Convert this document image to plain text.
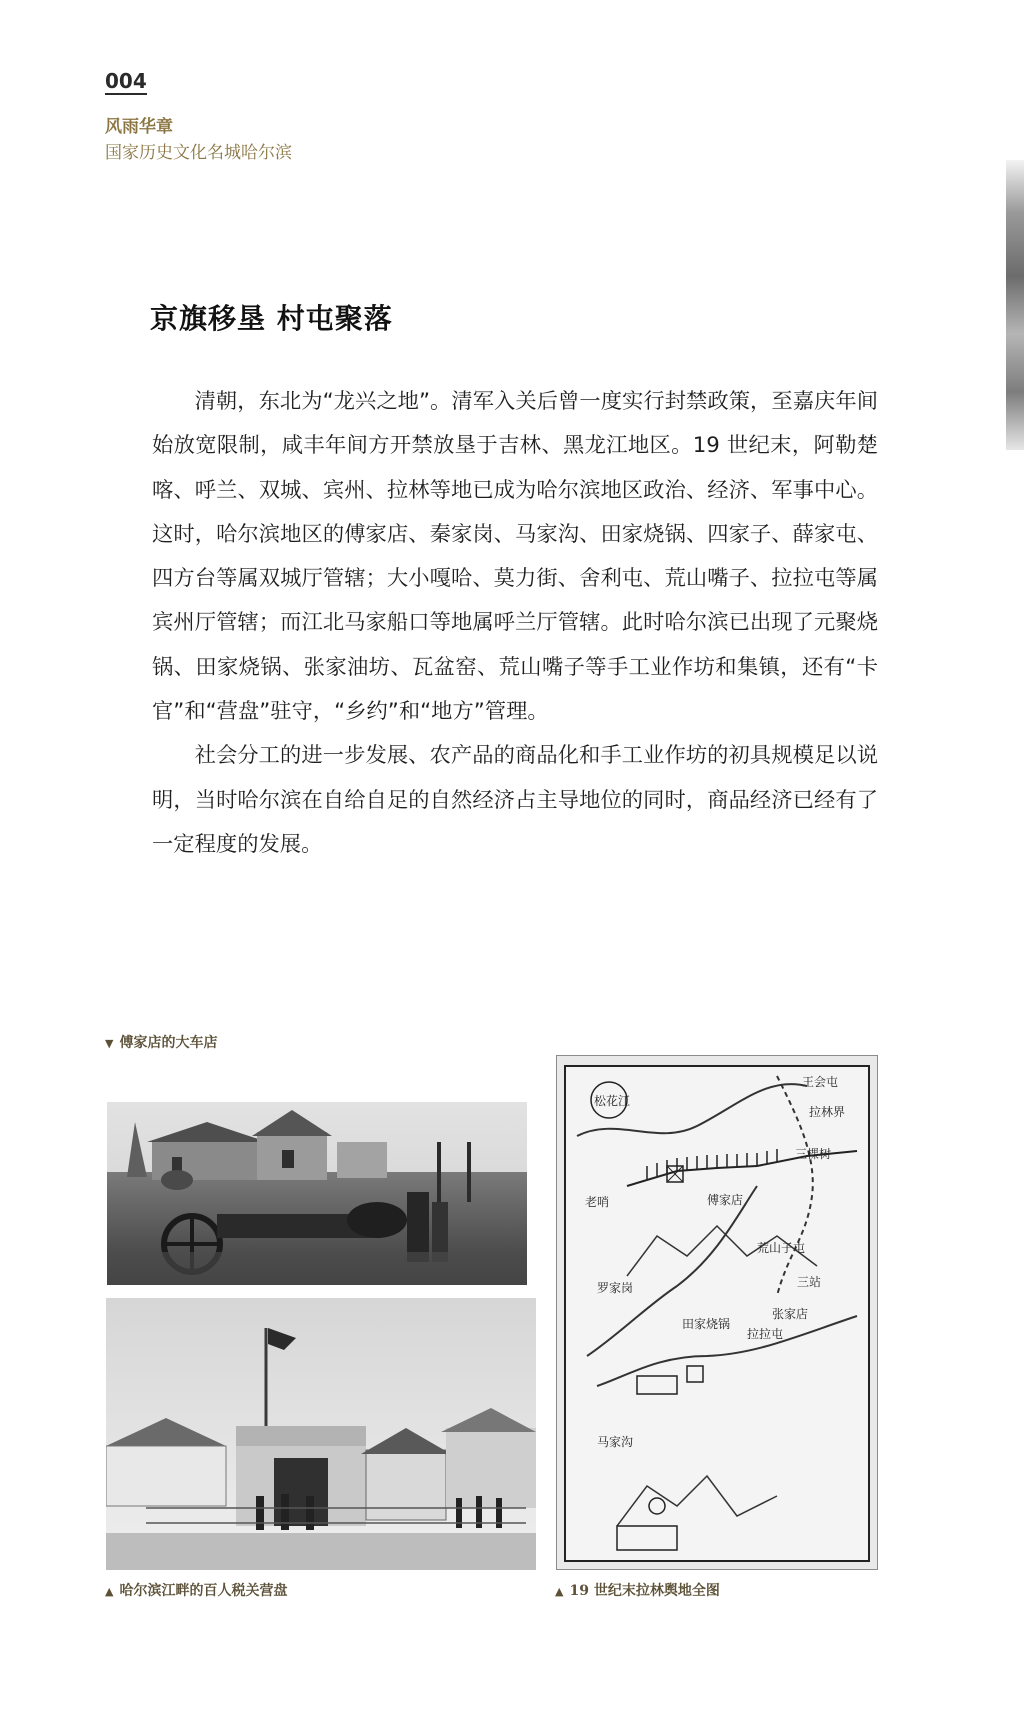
004
风雨华章
国家历史文化名城哈尔滨
京旗移垦 村屯聚落

清朝，东北为“龙兴之地”。清军入关后曾一度实行封禁政策，至嘉庆年间始放宽限制，咸丰年间方开禁放垦于吉林、黑龙江地区。19 世纪末，阿勒楚喀、呼兰、双城、宾州、拉林等地已成为哈尔滨地区政治、经济、军事中心。这时，哈尔滨地区的傅家店、秦家岗、马家沟、田家烧锅、四家子、薛家屯、四方台等属双城厅管辖；大小嘎哈、莫力街、舍利屯、荒山嘴子、拉拉屯等属宾州厅管辖；而江北马家船口等地属呼兰厅管辖。此时哈尔滨已出现了元聚烧锅、田家烧锅、张家油坊、瓦盆窑、荒山嘴子等手工业作坊和集镇，还有“卡官”和“营盘”驻守，“乡约”和“地方”管理。

社会分工的进一步发展、农产品的商品化和手工业作坊的初具规模足以说明，当时哈尔滨在自给自足的自然经济占主导地位的同时，商品经济已经有了一定程度的发展。

▼ 傅家店的大车店
松花江
拉林界
三棵树
傅家店
老哨
罗家岗
荒山子屯
田家烧锅
拉拉屯
张家店
马家沟
三站
王会屯
▲ 哈尔滨江畔的百人税关营盘	▲ 19 世纪末拉林舆地全图
